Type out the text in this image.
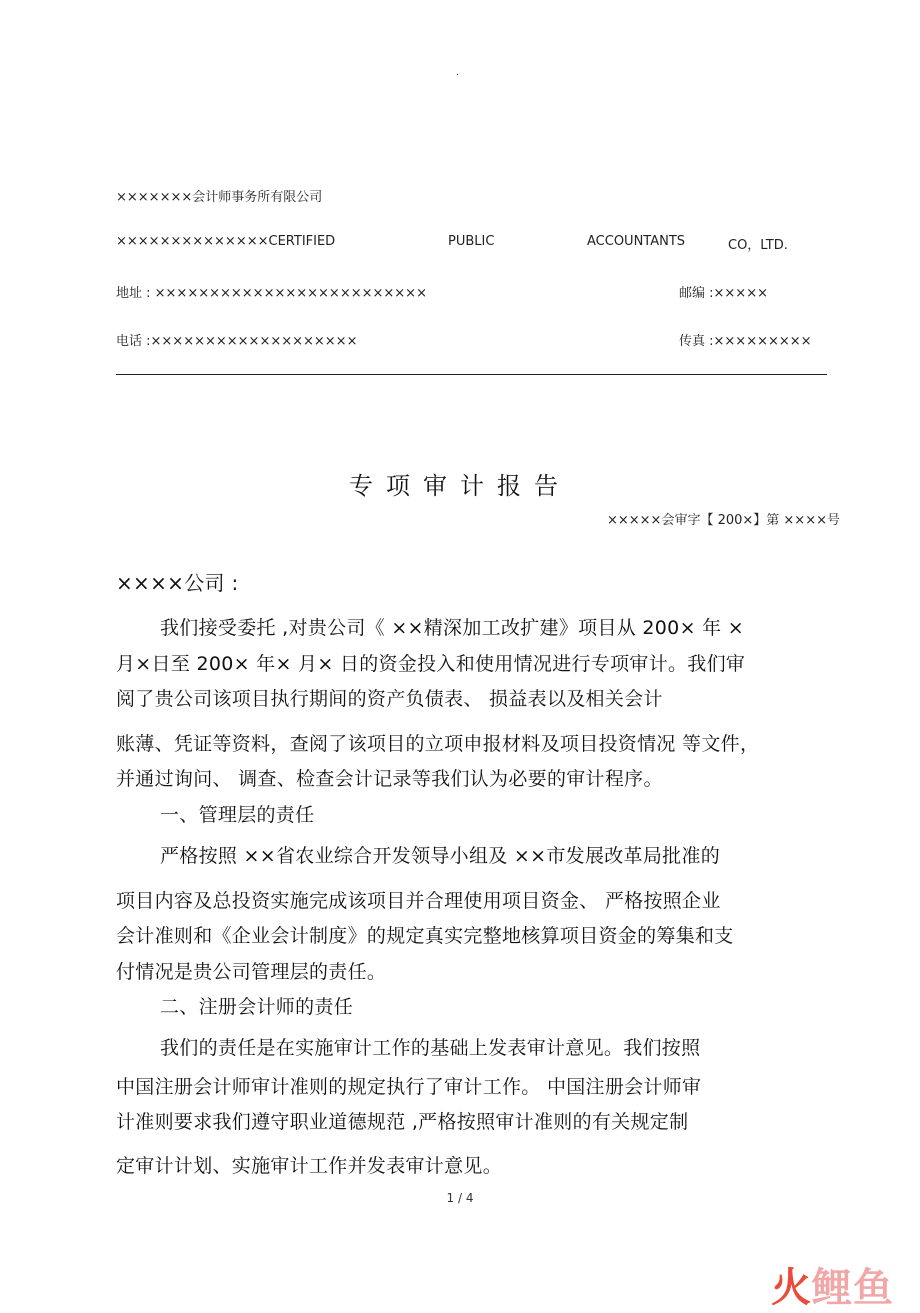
·
×××××××会计师事务所有限公司
××××××××××××××CERTIFIED	PUBLIC	ACCOUNTANTS	CO，LTD.
地址 : ×××××××××××××××××××××××××	邮编 :×××××
电话 :×××××××××××××××××××	传真 :×××××××××
专项审计报告
×××××会审字【 200×】第 ××××号
××××公司 :
我们接受委托 ,对贵公司《 ××精深加工改扩建》项目从 200× 年 ×
月×日至 200× 年× 月× 日的资金投入和使用情况进行专项审计。我们审
阅了贵公司该项目执行期间的资产负债表、 损益表以及相关会计
账薄、凭证等资料，查阅了该项目的立项申报材料及项目投资情况 等文件，
并通过询问、 调查、检查会计记录等我们认为必要的审计程序。
一、管理层的责任
严格按照 ××省农业综合开发领导小组及 ××市发展改革局批准的
项目内容及总投资实施完成该项目并合理使用项目资金、 严格按照企业
会计准则和《企业会计制度》的规定真实完整地核算项目资金的筹集和支
付情况是贵公司管理层的责任。
二、注册会计师的责任
我们的责任是在实施审计工作的基础上发表审计意见。我们按照
中国注册会计师审计准则的规定执行了审计工作。 中国注册会计师审
计准则要求我们遵守职业道德规范 ,严格按照审计准则的有关规定制
定审计计划、实施审计工作并发表审计意见。
1 / 4
火鲤鱼
